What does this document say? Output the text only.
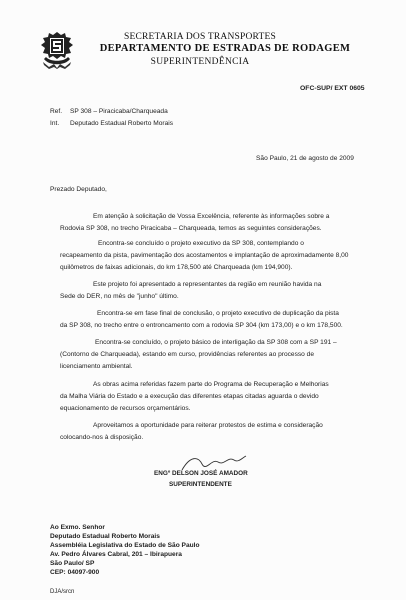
SECRETARIA DOS TRANSPORTES
DEPARTAMENTO DE ESTRADAS DE RODAGEM
SUPERINTENDÊNCIA
OFC-SUP/ EXT 0605
Ref. SP 308 – Piracicaba/Charqueada
Int. Deputado Estadual Roberto Morais
São Paulo, 21 de agosto de 2009
Prezado Deputado,
Em atenção à solicitação de Vossa Excelência, referente às informações sobre a
Rodovia SP 308, no trecho Piracicaba – Charqueada, temos as seguintes considerações.
Encontra-se concluído o projeto executivo da SP 308, contemplando o
recapeamento da pista, pavimentação dos acostamentos e implantação de aproximadamente 8,00
quilômetros de faixas adicionais, do km 178,500 até Charqueada (km 194,900).
Este projeto foi apresentado a representantes da região em reunião havida na
Sede do DER, no mês de "junho" último.
Encontra-se em fase final de conclusão, o projeto executivo de duplicação da pista
da SP 308, no trecho entre o entroncamento com a rodovia SP 304 (km 173,00) e o km 178,500.
Encontra-se concluído, o projeto básico de interligação da SP 308 com a SP 191 –
(Contorno de Charqueada), estando em curso, providências referentes ao processo de
licenciamento ambiental.
As obras acima referidas fazem parte do Programa de Recuperação e Melhorias
da Malha Viária do Estado e a execução das diferentes etapas citadas aguarda o devido
equacionamento de recursos orçamentários.
Aproveitamos a oportunidade para reiterar protestos de estima e consideração
colocando-nos à disposição.
ENGº DELSON JOSÉ AMADOR
SUPERINTENDENTE
Ao Exmo. Senhor
Deputado Estadual Roberto Morais
Assembléia Legislativa do Estado de São Paulo
Av. Pedro Álvares Cabral, 201 – Ibirapuera
São Paulo/ SP
CEP: 04097-900
DJA/srcn
